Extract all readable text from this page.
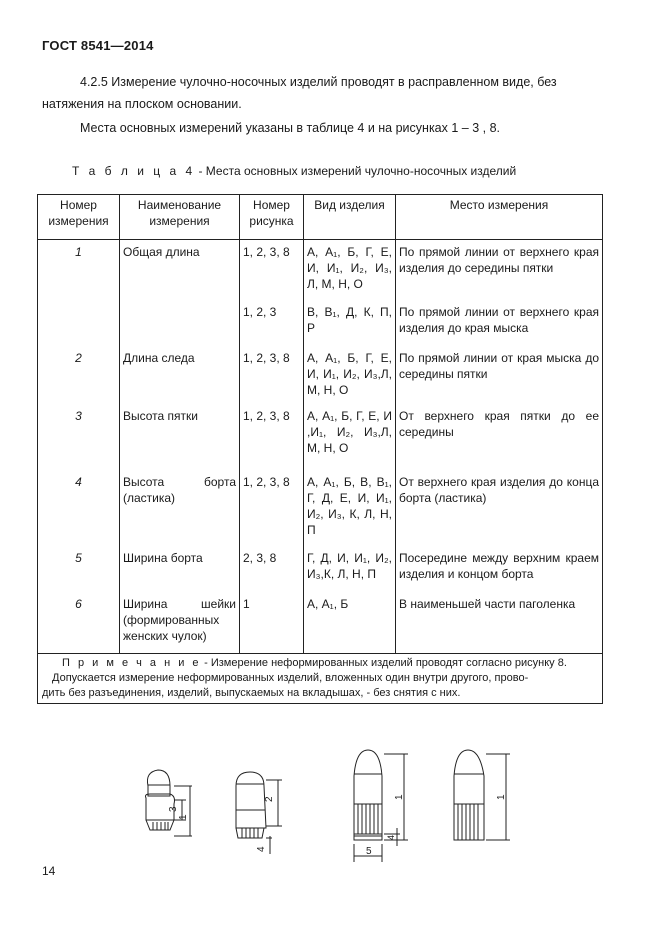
ГОСТ 8541—2014
4.2.5 Измерение чулочно-носочных изделий проводят в расправленном виде, без
натяжения на плоском основании.
Места основных измерений указаны в таблице 4 и на рисунках 1 – 3 , 8.
Т а б л и ц а 4 - Места основных измерений чулочно-носочных изделий
Номер измерения	Наименование измерения	Номер рисунка	Вид изделия	Место измерения
1	Общая длина	1, 2, 3, 8	А, А₁, Б, Г, Е, И, И₁, И₂, И₃, Л, М, Н, О	По прямой линии от верхнего края изделия до середины пятки
		1, 2, 3	В, В₁, Д, К, П, Р	По прямой линии от верхнего края изделия до края мыска
2	Длина следа	1, 2, 3, 8	А, А₁, Б, Г, Е, И, И₁, И₂, И₃,Л, М, Н, О	По прямой линии от края мыска до середины пятки
3	Высота пятки	1, 2, 3, 8	А, А₁, Б, Г, Е, И ,И₁, И₂, И₃,Л, М, Н, О	От верхнего края пятки до ее середины
4	Высота борта (ластика)	1, 2, 3, 8	А, А₁, Б, В, В₁, Г, Д, Е, И, И₁, И₂, И₃, К, Л, Н, П	От верхнего края изделия до конца борта (ластика)
5	Ширина борта	2, 3, 8	Г, Д, И, И₁, И₂, И₃,К, Л, Н, П	Посередине между верхним краем изделия и концом борта
6	Ширина шейки (формированных женских чулок)	1	А, А₁, Б	В наименьшей части паголенка

П р и м е ч а н и е - Измерение неформированных изделий проводят согласно рисунку 8.
Допускается измерение неформированных изделий, вложенных один внутри другого, прово-
дить без разъединения, изделий, выпускаемых на вкладышах, - без снятия с них.				
3
1
2
4
1
4
5
1
14
